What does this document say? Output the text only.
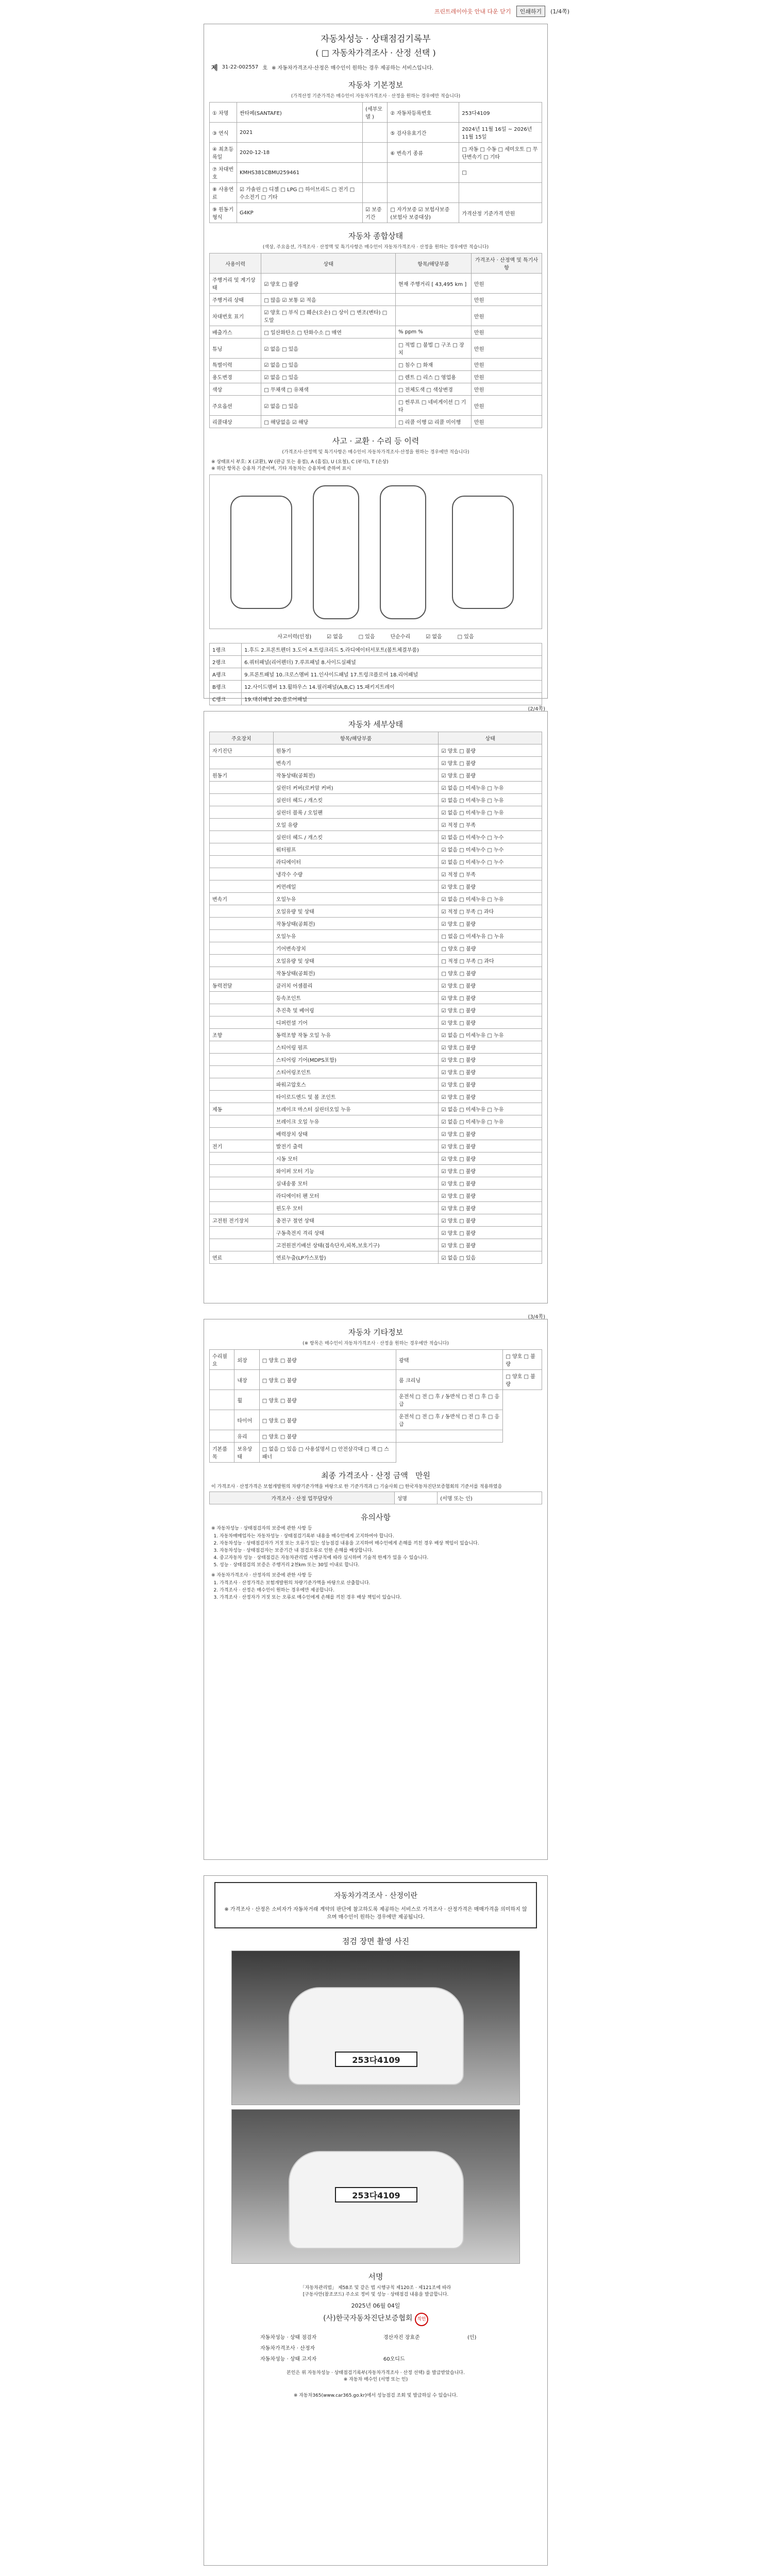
프린트레이아웃 안내 다운 닫기	인쇄하기	(1/4쪽)
자동차성능 · 상태점검기록부
( □ 자동차가격조사 · 산정 선택 )
제 31-22-002557 호 ※ 자동차가격조사·산정은 매수인이 원하는 경우 제공하는 서비스입니다.
자동차 기본정보
(가격산정 기준가격은 매수인이 자동차가격조사 · 산정을 원하는 경우에만 적습니다)
① 차명	싼타페(SANTAFE)	(세부모델 )	② 자동차등록번호	253다4109
③ 연식	2021		⑤ 검사유효기간	2024년 11월 16일 ~ 2026년 11월 15일
④ 최초등록일	2020-12-18		⑥ 변속기 종류	□ 자동 □ 수동 □ 세미오토 □ 무단변속기 □ 기타
⑦ 차대번호	KMHS381CBMU259461			□
⑧ 사용연료	☑ 가솔린 □ 디젤 □ LPG □ 하이브리드 □ 전기 □ 수소전기 □ 기타			
⑨ 원동기형식	G4KP	☑ 보증기간	□ 자가보증 ☑ 보험사보증(보험사 보증대상)	가격산정 기준가격 만원
자동차 종합상태
(색상, 주요옵션, 가격조사 · 산정액 및 특기사항은 매수인이 자동차가격조사 · 산정을 원하는 경우에만 적습니다)
사용이력	상태	항목/해당부품	가격조사 · 산정액 및 특기사항
주행거리 및 계기상태	☑ 양호 □ 불량	현재 주행거리 [ 43,495 km ]	만원
주행거리 상태	□ 많음 ☑ 보통 ☑ 적음		만원
차대번호 표기	☑ 양호 □ 부식 □ 훼손(오손) □ 상이 □ 변조(변타) □ 도말		만원
배출가스	□ 일산화탄소 □ 탄화수소 □ 매연	% ppm %	만원
튜닝	☑ 없음 □ 있음	□ 적법 □ 불법 □ 구조 □ 장치	만원
특별이력	☑ 없음 □ 있음	□ 침수 □ 화재	만원
용도변경	☑ 없음 □ 있음	□ 렌트 □ 리스 □ 영업용	만원
색상	□ 무채색 □ 유채색	□ 전체도색 □ 색상변경	만원
주요옵션	☑ 없음 □ 있음	□ 썬루프 □ 네비게이션 □ 기타	만원
리콜대상	□ 해당없음 ☑ 해당	□ 리콜 이행 ☑ 리콜 미이행	만원
사고 · 교환 · 수리 등 이력
(가격조사·산정액 및 특기사항은 매수인이 자동차가격조사·산정을 원하는 경우에만 적습니다)
※ 상태표시 부호: X (교환), W (판금 또는 용접), A (흠집), U (요철), C (부식), T (손상)
※ 하단 항목은 승용차 기준이며, 기타 자동차는 승용차에 준하여 표시
사고이력(인정)	☑ 없음	□ 있음	단순수리	☑ 없음	□ 있음
1랭크	1.후드 2.프론트펜더 3.도어 4.트렁크리드 5.라디에이터서포트(볼트체결부품)
2랭크	6.쿼터패널(리어펜더) 7.루프패널 8.사이드실패널
A랭크	9.프론트패널 10.크로스멤버 11.인사이드패널 17.트렁크플로어 18.리어패널
B랭크	12.사이드멤버 13.휠하우스 14.필러패널(A,B,C) 15.패키지트레이
C랭크	19.대쉬패널 20.플로어패널
(2/4쪽)
자동차 세부상태
주요장치	항목/해당부품	상태
자기진단	원동기	☑ 양호 □ 불량
	변속기	☑ 양호 □ 불량
원동기	작동상태(공회전)	☑ 양호 □ 불량
	실린더 커버(로커암 커버)	☑ 없음 □ 미세누유 □ 누유
	실린더 헤드 / 개스킷	☑ 없음 □ 미세누유 □ 누유
	실린더 블록 / 오일팬	☑ 없음 □ 미세누유 □ 누유
	오일 유량	☑ 적정 □ 부족
	실린더 헤드 / 개스킷	☑ 없음 □ 미세누수 □ 누수
	워터펌프	☑ 없음 □ 미세누수 □ 누수
	라디에이터	☑ 없음 □ 미세누수 □ 누수
	냉각수 수량	☑ 적정 □ 부족
	커먼레일	☑ 양호 □ 불량
변속기	오일누유	☑ 없음 □ 미세누유 □ 누유
	오일유량 및 상태	☑ 적정 □ 부족 □ 과다
	작동상태(공회전)	☑ 양호 □ 불량
	오일누유	□ 없음 □ 미세누유 □ 누유
	기어변속장치	□ 양호 □ 불량
	오일유량 및 상태	□ 적정 □ 부족 □ 과다
	작동상태(공회전)	□ 양호 □ 불량
동력전달	클러치 어셈블리	☑ 양호 □ 불량
	등속조인트	☑ 양호 □ 불량
	추진축 및 베어링	☑ 양호 □ 불량
	디퍼런셜 기어	☑ 양호 □ 불량
조향	동력조향 작동 오일 누유	☑ 없음 □ 미세누유 □ 누유
	스티어링 펌프	☑ 양호 □ 불량
	스티어링 기어(MDPS포함)	☑ 양호 □ 불량
	스티어링조인트	☑ 양호 □ 불량
	파워고압호스	☑ 양호 □ 불량
	타이로드엔드 및 볼 조인트	☑ 양호 □ 불량
제동	브레이크 마스터 실린더오일 누유	☑ 없음 □ 미세누유 □ 누유
	브레이크 오일 누유	☑ 없음 □ 미세누유 □ 누유
	배력장치 상태	☑ 양호 □ 불량
전기	발전기 출력	☑ 양호 □ 불량
	시동 모터	☑ 양호 □ 불량
	와이퍼 모터 기능	☑ 양호 □ 불량
	실내송풍 모터	☑ 양호 □ 불량
	라디에이터 팬 모터	☑ 양호 □ 불량
	윈도우 모터	☑ 양호 □ 불량
고전원 전기장치	충전구 절연 상태	☑ 양호 □ 불량
	구동축전지 격리 상태	☑ 양호 □ 불량
	고전원전기배선 상태(접속단자,피복,보호기구)	☑ 양호 □ 불량
연료	연료누출(LP가스포함)	☑ 없음 □ 있음
(3/4쪽)
자동차 기타정보
(※ 항목은 매수인이 자동차가격조사 · 산정을 원하는 경우에만 적습니다)
수리필요	외장	□ 양호 □ 불량	광택	□ 양호 □ 불량
	내장	□ 양호 □ 불량	룸 크리닝	□ 양호 □ 불량
	휠	□ 양호 □ 불량	운전석 □ 전 □ 후 / 동반석 □ 전 □ 후 □ 응급	
	타이어	□ 양호 □ 불량	운전석 □ 전 □ 후 / 동반석 □ 전 □ 후 □ 응급	
	유리	□ 양호 □ 불량		
기본품목	보유상태	□ 없음 □ 있음 □ 사용설명서 □ 안전삼각대 □ 잭 □ 스패너		
최종 가격조사 · 산정 금액 만원
이 가격조사 · 산정가격은 보험개발원의 차량기준가액을 바탕으로 한 기준가격과 □ 기술사회 □ 한국자동차진단보증협회의 기준서를 적용하였음
가격조사 · 산정 업무담당자	성명	(서명 또는 인)
유의사항
※ 자동차성능 · 상태점검자의 보증에 관한 사항 등
1. 자동차매매업자는 자동차성능 · 상태점검기록부 내용을 매수인에게 고지하여야 합니다.
2. 자동차성능 · 상태점검자가 거짓 또는 오류가 있는 성능점검 내용을 고지하여 매수인에게 손해를 끼친 경우 배상 책임이 있습니다.
3. 자동차성능 · 상태점검자는 보증기간 내 점검오류로 인한 손해를 배상합니다.
4. 중고자동차 성능 · 상태점검은 자동차관리법 시행규칙에 따라 실시하며 기술적 한계가 있을 수 있습니다.
5. 성능 · 상태점검의 보증은 주행거리 2천km 또는 30일 이내로 합니다.
※ 자동차가격조사 · 산정자의 보증에 관한 사항 등
1. 가격조사 · 산정가격은 보험개발원의 차량기준가액을 바탕으로 산출합니다.
2. 가격조사 · 산정은 매수인이 원하는 경우에만 제공합니다.
3. 가격조사 · 산정자가 거짓 또는 오류로 매수인에게 손해를 끼친 경우 배상 책임이 있습니다.
자동차가격조사 · 산정이란
※ 가격조사 · 산정은 소비자가 자동차거래 계약의 판단에 참고하도록 제공하는 서비스로 가격조사 · 산정가격은 매매가격을 의미하지 않으며 매수인이 원하는 경우에만 제공됩니다.
점검 장면 촬영 사진
253다4109
253다4109
서명
「자동차관리법」 제58조 및 같은 법 시행규칙 제120조 · 제121조에 따라
[구동사안(참조코드) 주소로 정비 및 성능 · 상태점검 내용을 발급합니다.
2025년 06월 04일
(사)한국자동차진단보증협회 직인
자동차성능 · 상태 점검자	경산자진 장효준	(인)
자동차가격조사 · 산정자		
자동차성능 · 상태 고지자	60오디드	
본인은 위 자동차성능 · 상태점검기록부(자동차가격조사 · 산정 선택) 를 발급받았습니다.
※ 자동차 매수인 (서명 또는 인)
※ 자동차365(www.car365.go.kr)에서 성능점검 조회 및 발급하실 수 있습니다.
